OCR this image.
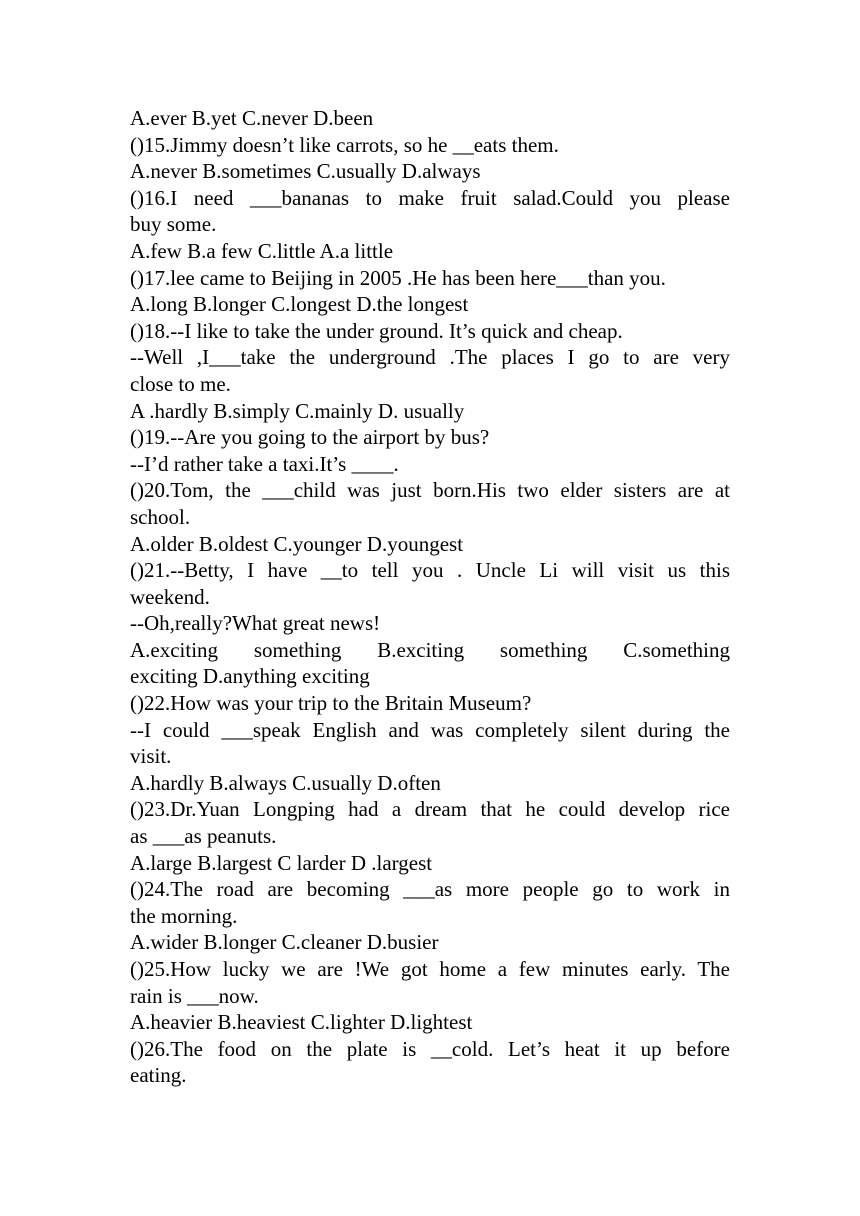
A.ever B.yet C.never D.been
()15.Jimmy doesn’t like carrots, so he __eats them.
A.never B.sometimes C.usually D.always
()16.I need ___bananas to make fruit salad.Could you please
buy some.
A.few B.a few C.little A.a little
()17.lee came to Beijing in 2005 .He has been here___than you.
A.long B.longer C.longest D.the longest
()18.--I like to take the under ground. It’s quick and cheap.
--Well ,I___take the underground .The places I go to are very
close to me.
A .hardly B.simply C.mainly D. usually
()19.--Are you going to the airport by bus?
--I’d rather take a taxi.It’s ____.
()20.Tom, the ___child was just born.His two elder sisters are at
school.
A.older B.oldest C.younger D.youngest
()21.--Betty, I have __to tell you . Uncle Li will visit us this
weekend.
--Oh,really?What great news!
A.exciting something B.exciting something C.something
exciting D.anything exciting
()22.How was your trip to the Britain Museum?
--I could ___speak English and was completely silent during the
visit.
A.hardly B.always C.usually D.often
()23.Dr.Yuan Longping had a dream that he could develop rice
as ___as peanuts.
A.large B.largest C larder D .largest
()24.The road are becoming ___as more people go to work in
the morning.
A.wider B.longer C.cleaner D.busier
()25.How lucky we are !We got home a few minutes early. The
rain is ___now.
A.heavier B.heaviest C.lighter D.lightest
()26.The food on the plate is __cold. Let’s heat it up before
eating.
